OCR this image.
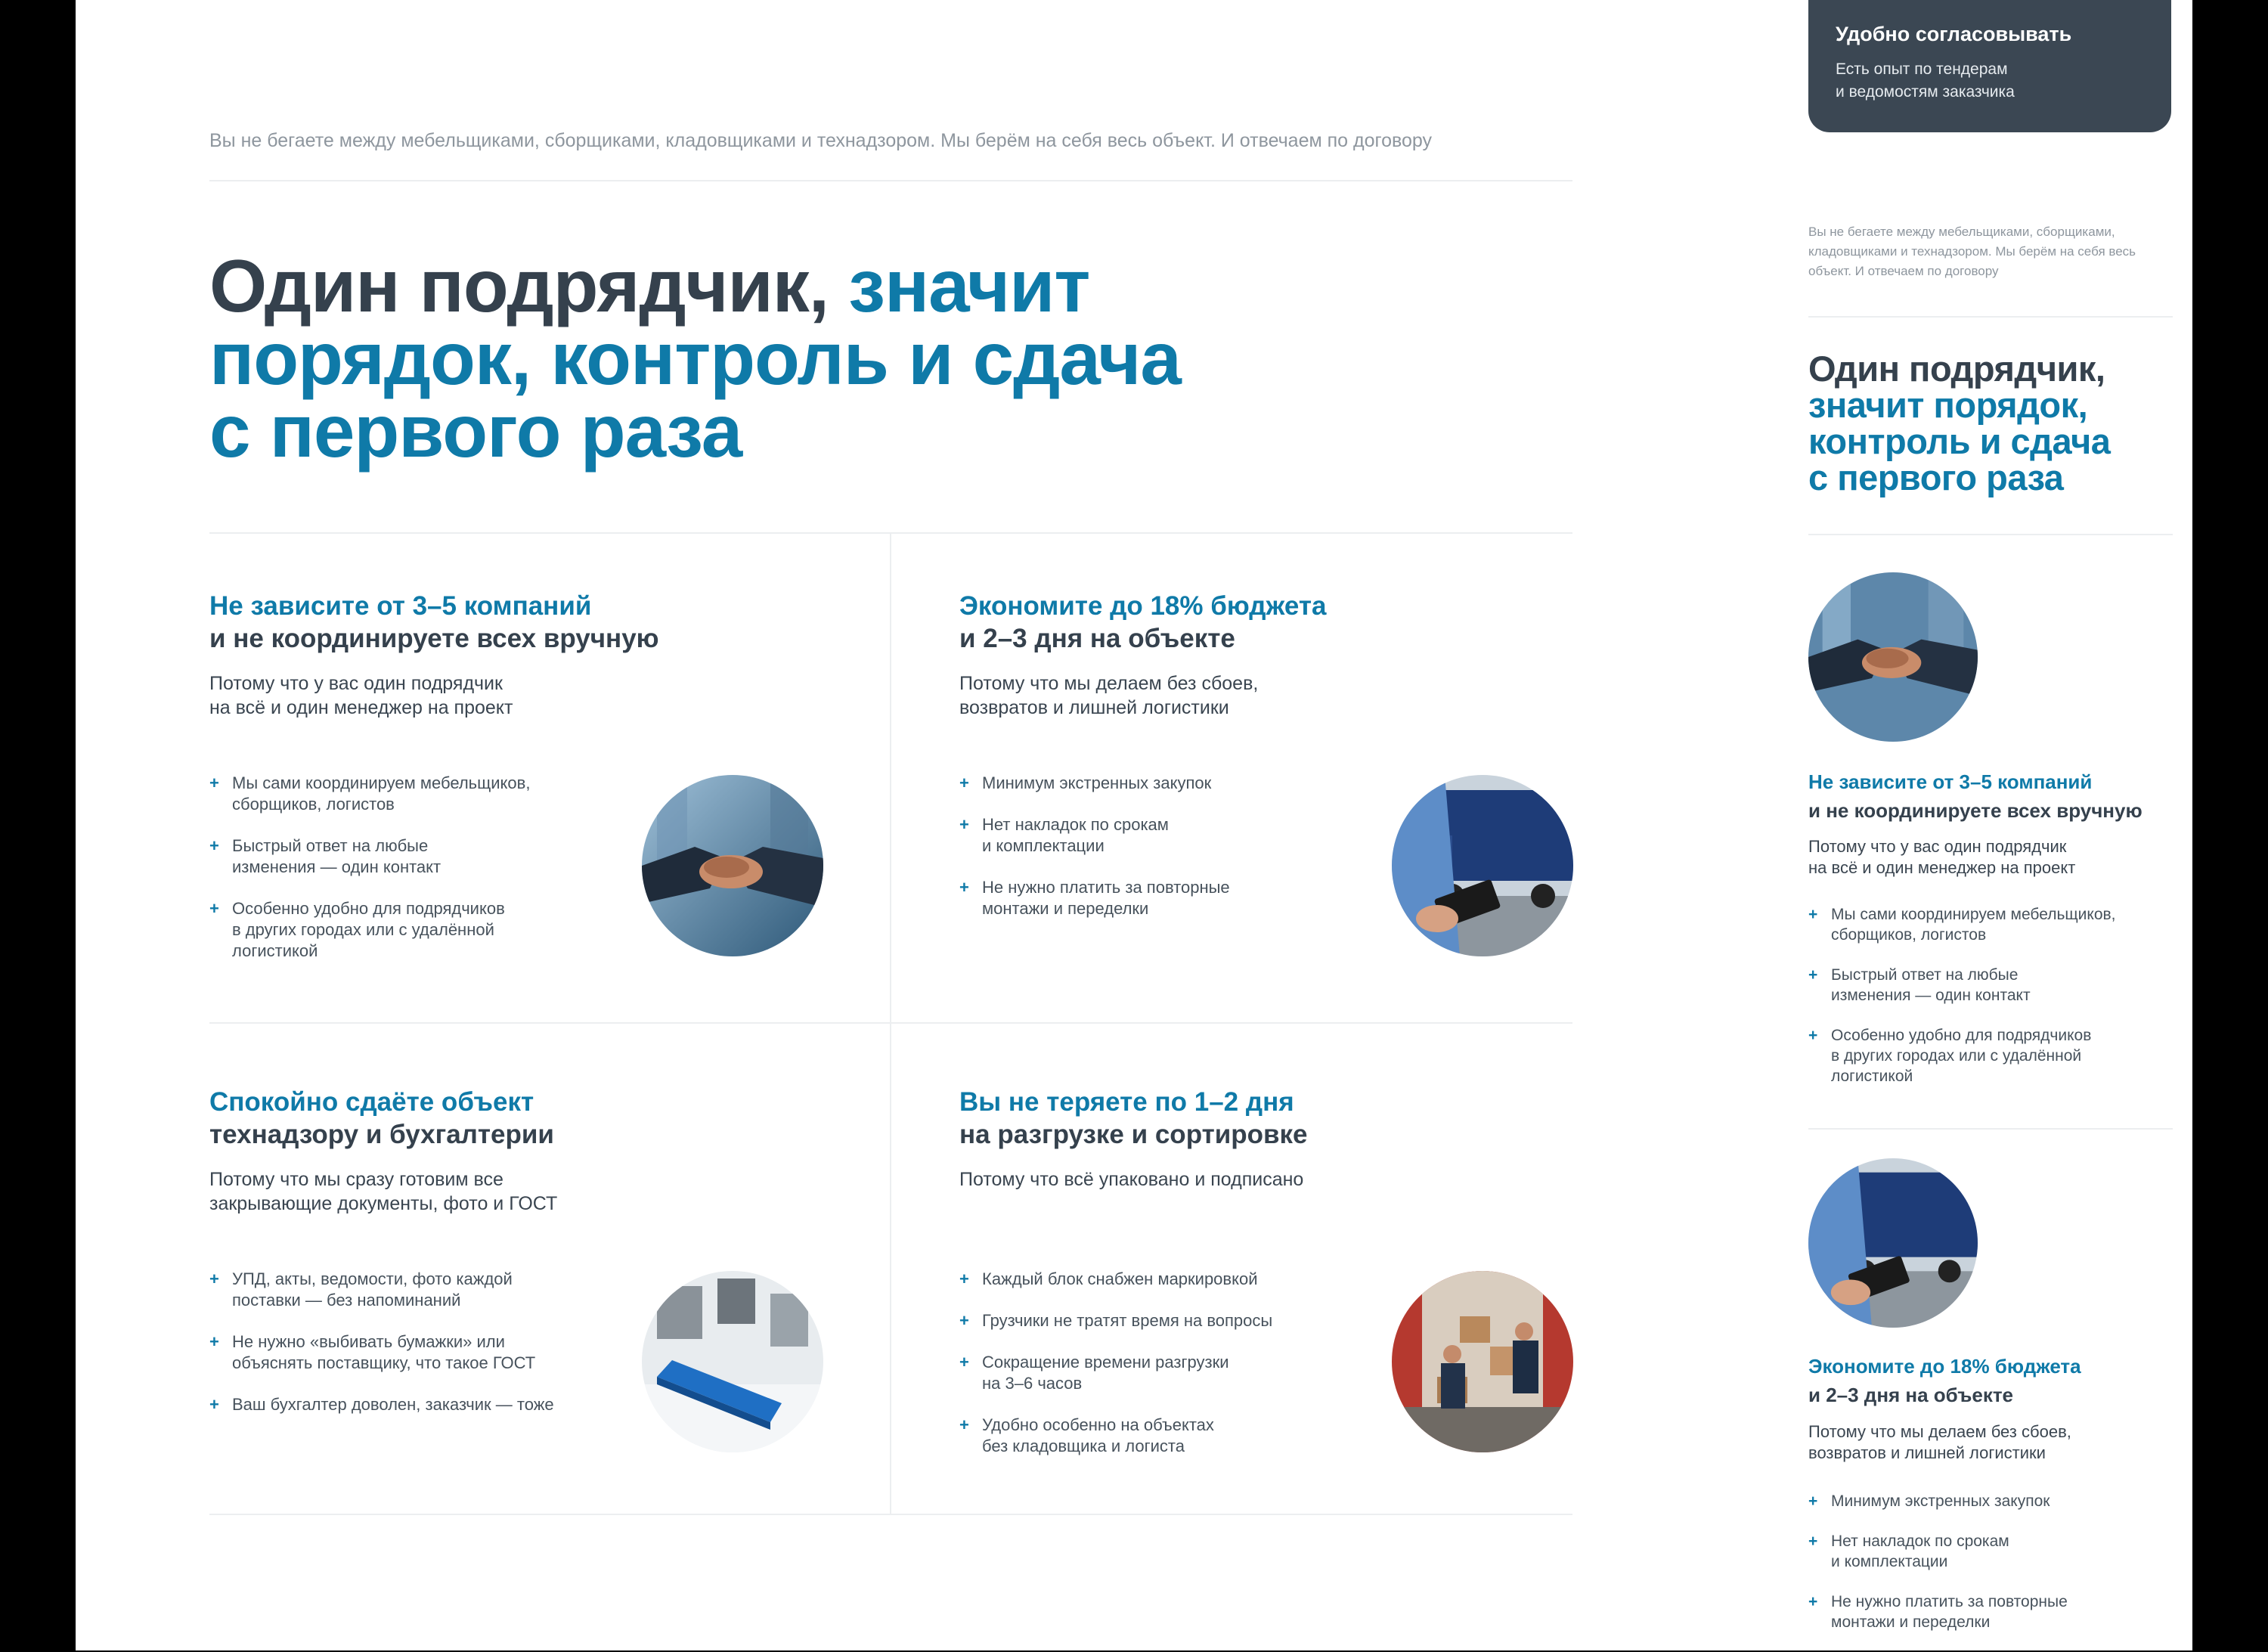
Вы не бегаете между мебельщиками, сборщиками, кладовщиками и технадзором. Мы берём на себя весь объект. И отвечаем по договору
Один подрядчик, значит
порядок, контроль и сдача
с первого раза
Не зависите от 3–5 компаний
и не координируете всех вручную
Потому что у вас один подрядчик
на всё и один менеджер на проект
+ Мы сами координируем мебельщиков,
сборщиков, логистов
+ Быстрый ответ на любые
изменения — один контакт
+ Особенно удобно для подрядчиков
в других городах или с удалённой
логистикой
Экономите до 18% бюджета
и 2–3 дня на объекте
Потому что мы делаем без сбоев,
возвратов и лишней логистики
+ Минимум экстренных закупок
+ Нет накладок по срокам
и комплектации
+ Не нужно платить за повторные
монтажи и переделки
Спокойно сдаёте объект
технадзору и бухгалтерии
Потому что мы сразу готовим все
закрывающие документы, фото и ГОСТ
+ УПД, акты, ведомости, фото каждой
поставки — без напоминаний
+ Не нужно «выбивать бумажки» или
объяснять поставщику, что такое ГОСТ
+ Ваш бухгалтер доволен, заказчик — тоже
Вы не теряете по 1–2 дня
на разгрузке и сортировке
Потому что всё упаковано и подписано
+ Каждый блок снабжен маркировкой
+ Грузчики не тратят время на вопросы
+ Сокращение времени разгрузки
на 3–6 часов
+ Удобно особенно на объектах
без кладовщика и логиста
Удобно согласовывать
Есть опыт по тендерам
и ведомостям заказчика
Вы не бегаете между мебельщиками, сборщиками,
кладовщиками и технадзором. Мы берём на себя весь
объект. И отвечаем по договору
Один подрядчик,
значит порядок,
контроль и сдача
с первого раза
Не зависите от 3–5 компаний
и не координируете всех вручную
Потому что у вас один подрядчик
на всё и один менеджер на проект
+ Мы сами координируем мебельщиков,
сборщиков, логистов
+ Быстрый ответ на любые
изменения — один контакт
+ Особенно удобно для подрядчиков
в других городах или с удалённой
логистикой
Экономите до 18% бюджета
и 2–3 дня на объекте
Потому что мы делаем без сбоев,
возвратов и лишней логистики
+ Минимум экстренных закупок
+ Нет накладок по срокам
и комплектации
+ Не нужно платить за повторные
монтажи и переделки
